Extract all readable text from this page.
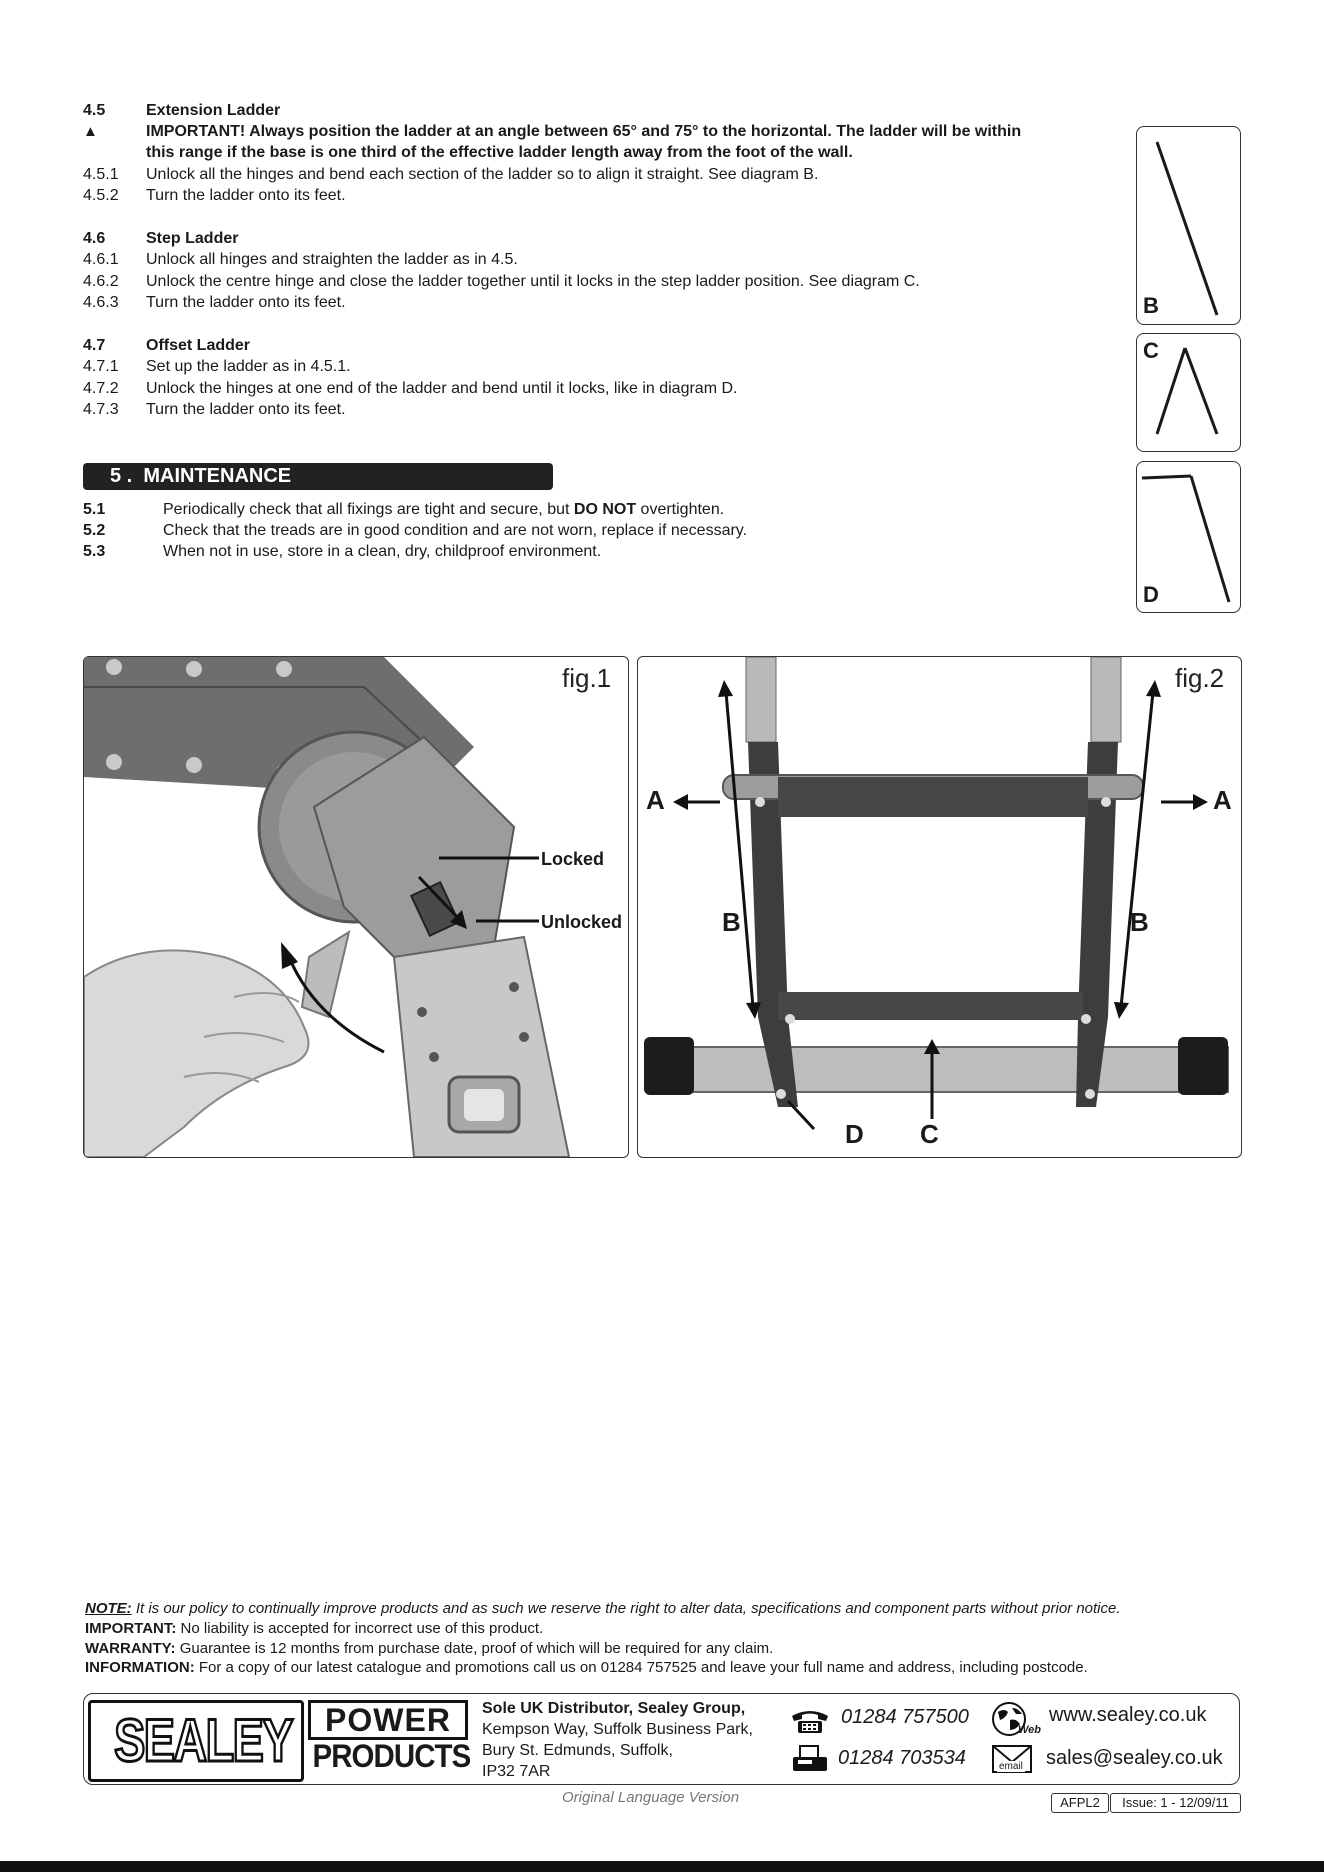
4.5	Extension Ladder
▲	IMPORTANT! Always position the ladder at an angle between 65° and 75° to the horizontal. The ladder will be within
this range if the base is one third of the effective ladder length away from the foot of the wall.
4.5.1 Unlock all the hinges and bend each section of the ladder so to align it straight. See diagram B.
4.5.2 Turn the ladder onto its feet.
4.6	Step Ladder
4.6.1 Unlock all hinges and straighten the ladder as in 4.5.
4.6.2 Unlock the centre hinge and close the ladder together until it locks in the step ladder position. See diagram C.
4.6.3 Turn the ladder onto its feet.
4.7	Offset Ladder
4.7.1 Set up the ladder as in 4.5.1.
4.7.2 Unlock the hinges at one end of the ladder and bend until it locks, like in diagram D.
4.7.3 Turn the ladder onto its feet.
B
C
D
5 .  MAINTENANCE
5.1	Periodically check that all fixings are tight and secure, but DO NOT overtighten.
5.2	Check that the treads are in good condition and are not worn, replace if necessary.
5.3	When not in use, store in a clean, dry, childproof environment.
fig.1
Locked
Unlocked
fig.2
A	A
B	B
C
D
NOTE: It is our policy to continually improve products and as such we reserve the right to alter data, specifications and component parts without prior notice.
IMPORTANT: No liability is accepted for incorrect use of this product.
WARRANTY: Guarantee is 12 months from purchase date, proof of which will be required for any claim.
INFORMATION: For a copy of our latest catalogue and promotions call us on 01284 757525 and leave your full name and address, including postcode.
SEALEY	POWER
PRODUCTS
Sole UK Distributor, Sealey Group,
Kempson Way, Suffolk Business Park,
Bury St. Edmunds, Suffolk,
IP32 7AR
01284 757500
01284 703534
Web
www.sealey.co.uk
email sales@sealey.co.uk
Original Language Version	AFPL2	Issue: 1 - 12/09/11
